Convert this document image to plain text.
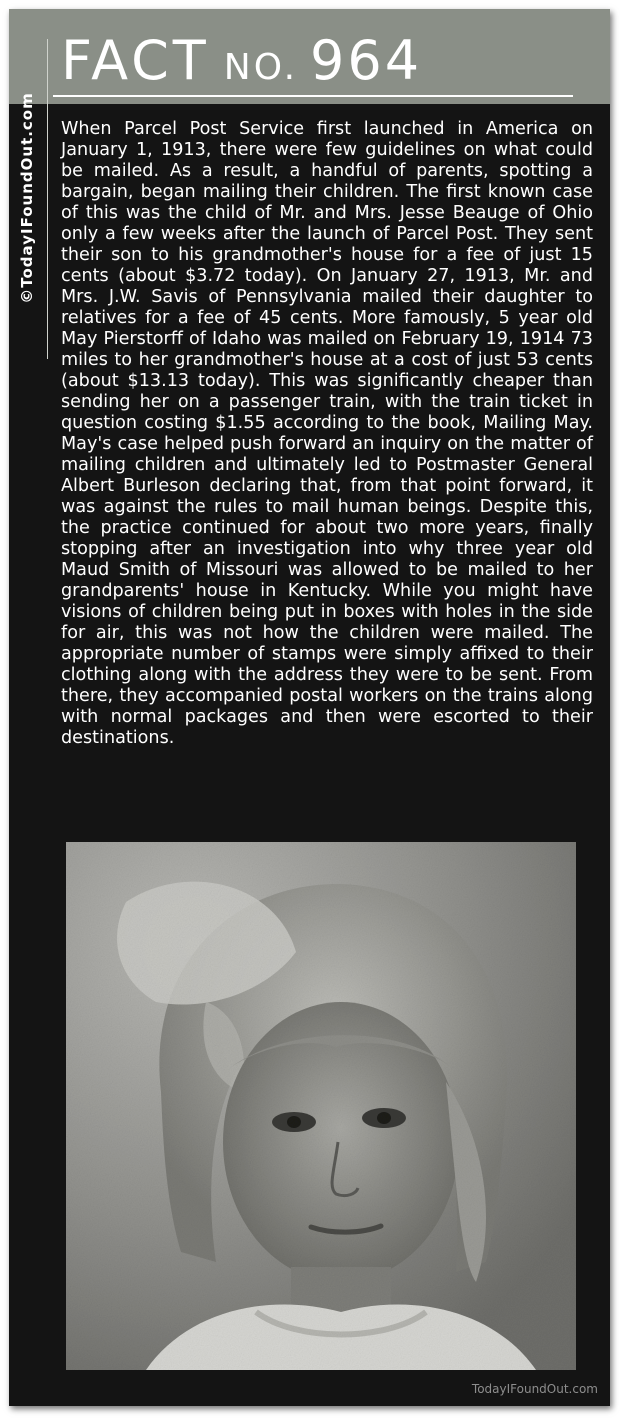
FACT NO. 964
©TodayIFoundOut.com When Parcel Post Service first launched in America on January 1, 1913, there were few guidelines on what could be mailed. As a result, a handful of parents, spotting a bargain, began mailing their children. The first known case of this was the child of Mr. and Mrs. Jesse Beauge of Ohio only a few weeks after the launch of Parcel Post. They sent their son to his grandmother's house for a fee of just 15 cents (about $3.72 today). On January 27, 1913, Mr. and Mrs. J.W. Savis of Pennsylvania mailed their daughter to relatives for a fee of 45 cents. More famously, 5 year old May Pierstorff of Idaho was mailed on February 19, 1914 73 miles to her grandmother's house at a cost of just 53 cents (about $13.13 today). This was significantly cheaper than sending her on a passenger train, with the train ticket in question costing $1.55 according to the book, Mailing May. May's case helped push forward an inquiry on the matter of mailing children and ultimately led to Postmaster General Albert Burleson declaring that, from that point forward, it was against the rules to mail human beings. Despite this, the practice continued for about two more years, finally stopping after an investigation into why three year old Maud Smith of Missouri was allowed to be mailed to her grandparents' house in Kentucky. While you might have visions of children being put in boxes with holes in the side for air, this was not how the children were mailed. The appropriate number of stamps were simply affixed to their clothing along with the address they were to be sent. From there, they accompanied postal workers on the trains along with normal packages and then were escorted to their destinations.

TodayIFoundOut.com
